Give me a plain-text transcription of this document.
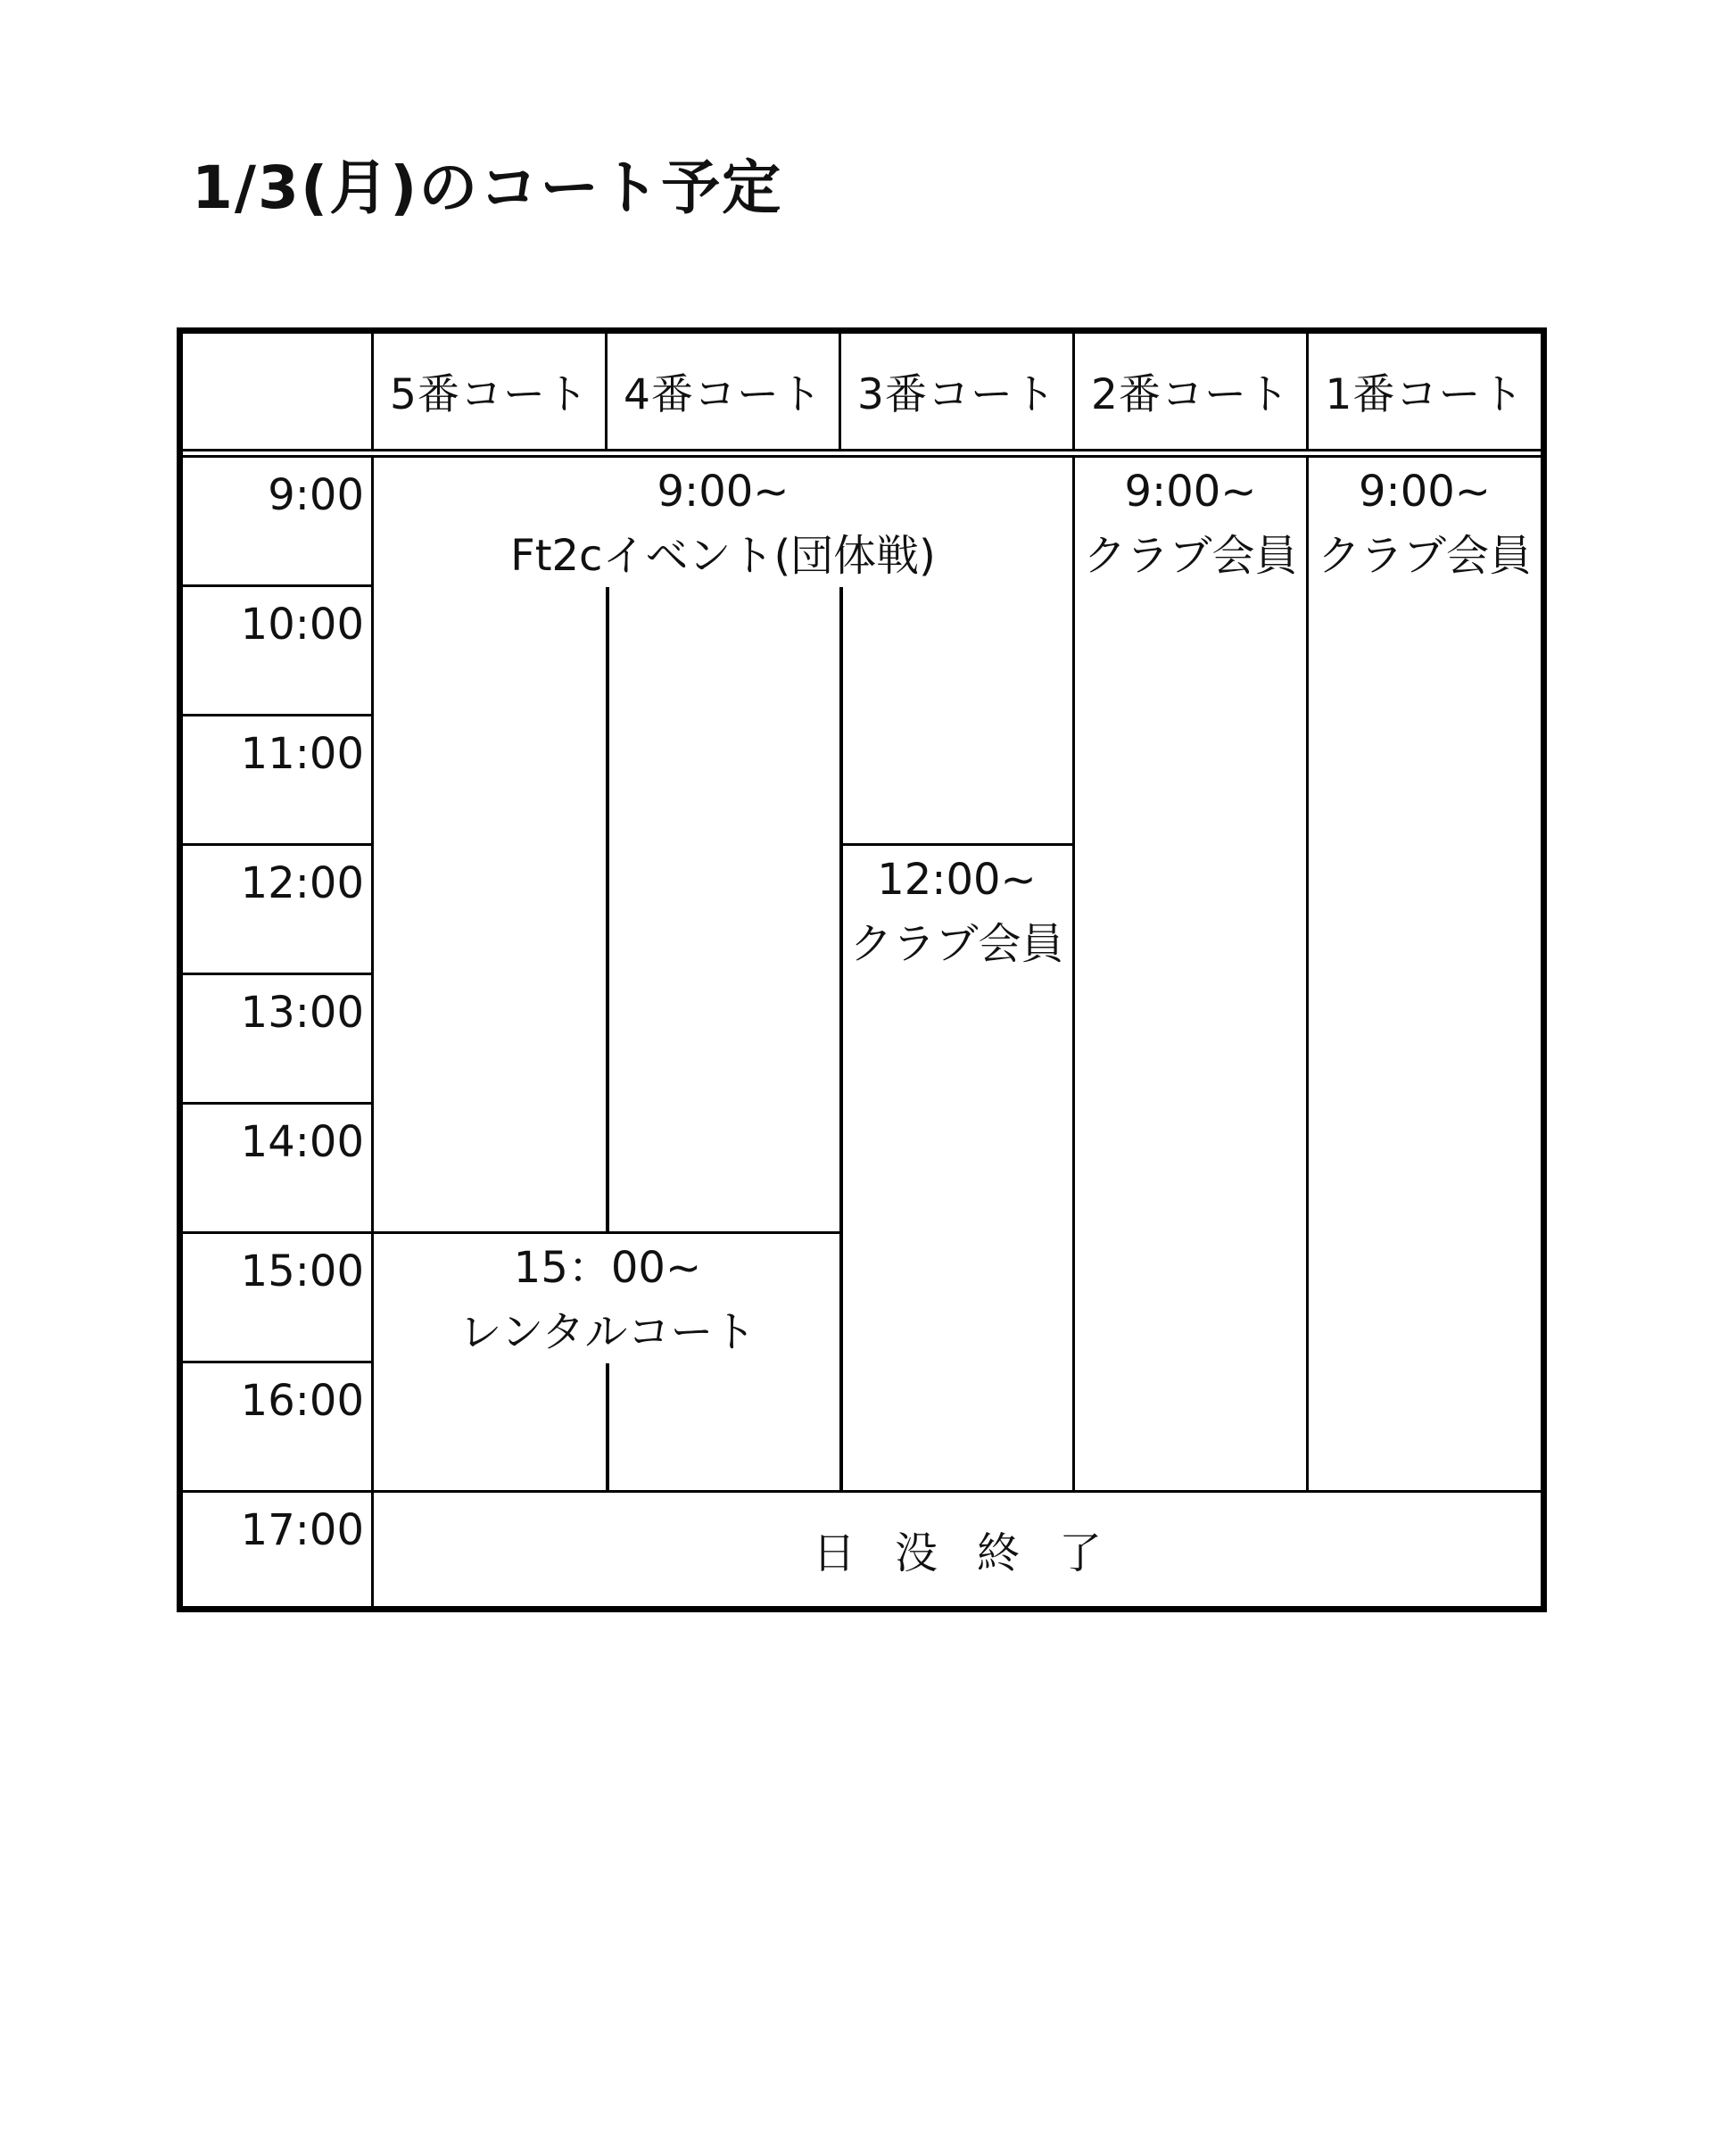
1/3(月)のコート予定
5番コート 4番コート 3番コート 2番コート 1番コート
9:00
10:00
11:00
12:00
13:00
14:00
15:00
16:00
17:00
9:00~
Ft2cイベント(団体戦)
12:00~
クラブ会員
9:00~
クラブ会員
9:00~
クラブ会員
15：00~
レンタルコート
日没終了
